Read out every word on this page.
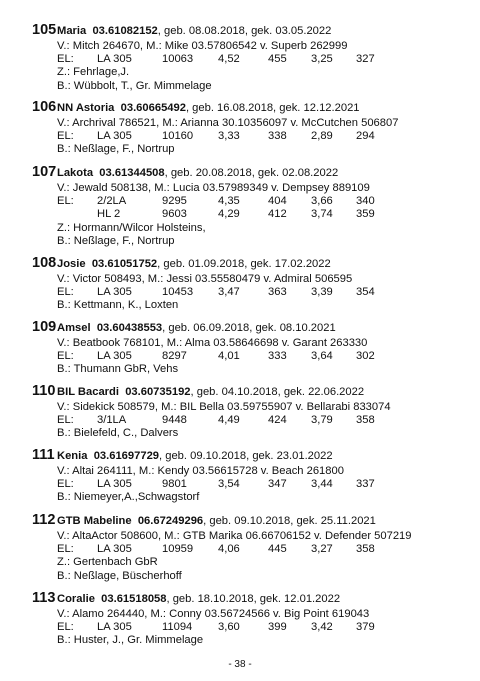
105 Maria 03.61082152, geb. 08.08.2018, gek. 03.05.2022
V.: Mitch 264670, M.: Mike 03.57806542 v. Superb 262999
EL: LA 305	10063 4,52	455 3,25 327
Z.: Fehrlage,J.
B.: Wübbolt, T., Gr. Mimmelage
106 NN Astoria 03.60665492, geb. 16.08.2018, gek. 12.12.2021
V.: Archrival 786521, M.: Arianna 30.10356097 v. McCutchen 506807
EL: LA 305	10160 3,33	338 2,89 294
B.: Neßlage, F., Nortrup
107 Lakota 03.61344508, geb. 20.08.2018, gek. 02.08.2022
V.: Jewald 508138, M.: Lucia 03.57989349 v. Dempsey 889109
EL: 2/2LA	9295	4,35	404 3,66 340
HL 2	9603	4,29	412 3,74 359
Z.: Hormann/Wilcor Holsteins,
B.: Neßlage, F., Nortrup
108 Josie 03.61051752, geb. 01.09.2018, gek. 17.02.2022
V.: Victor 508493, M.: Jessi 03.55580479 v. Admiral 506595
EL: LA 305	10453 3,47	363 3,39 354
B.: Kettmann, K., Loxten
109 Amsel 03.60438553, geb. 06.09.2018, gek. 08.10.2021
V.: Beatbook 768101, M.: Alma 03.58646698 v. Garant 263330
EL: LA 305	8297	4,01	333 3,64 302
B.: Thumann GbR, Vehs
110 BIL Bacardi 03.60735192, geb. 04.10.2018, gek. 22.06.2022
V.: Sidekick 508579, M.: BIL Bella 03.59755907 v. Bellarabi 833074
EL: 3/1LA	9448	4,49	424 3,79 358
B.: Bielefeld, C., Dalvers
111 Kenia 03.61697729, geb. 09.10.2018, gek. 23.01.2022
V.: Altai 264111, M.: Kendy 03.56615728 v. Beach 261800
EL: LA 305	9801	3,54	347 3,44 337
B.: Niemeyer,A.,Schwagstorf
112 GTB Mabeline 06.67249296, geb. 09.10.2018, gek. 25.11.2021
V.: AltaActor 508600, M.: GTB Marika 06.66706152 v. Defender 507219
EL: LA 305	10959 4,06	445 3,27 358
Z.: Gertenbach GbR
B.: Neßlage, Büscherhoff
113 Coralie 03.61518058, geb. 18.10.2018, gek. 12.01.2022
V.: Alamo 264440, M.: Conny 03.56724566 v. Big Point 619043
EL: LA 305	11094 3,60	399 3,42 379
B.: Huster, J., Gr. Mimmelage
- 38 -
